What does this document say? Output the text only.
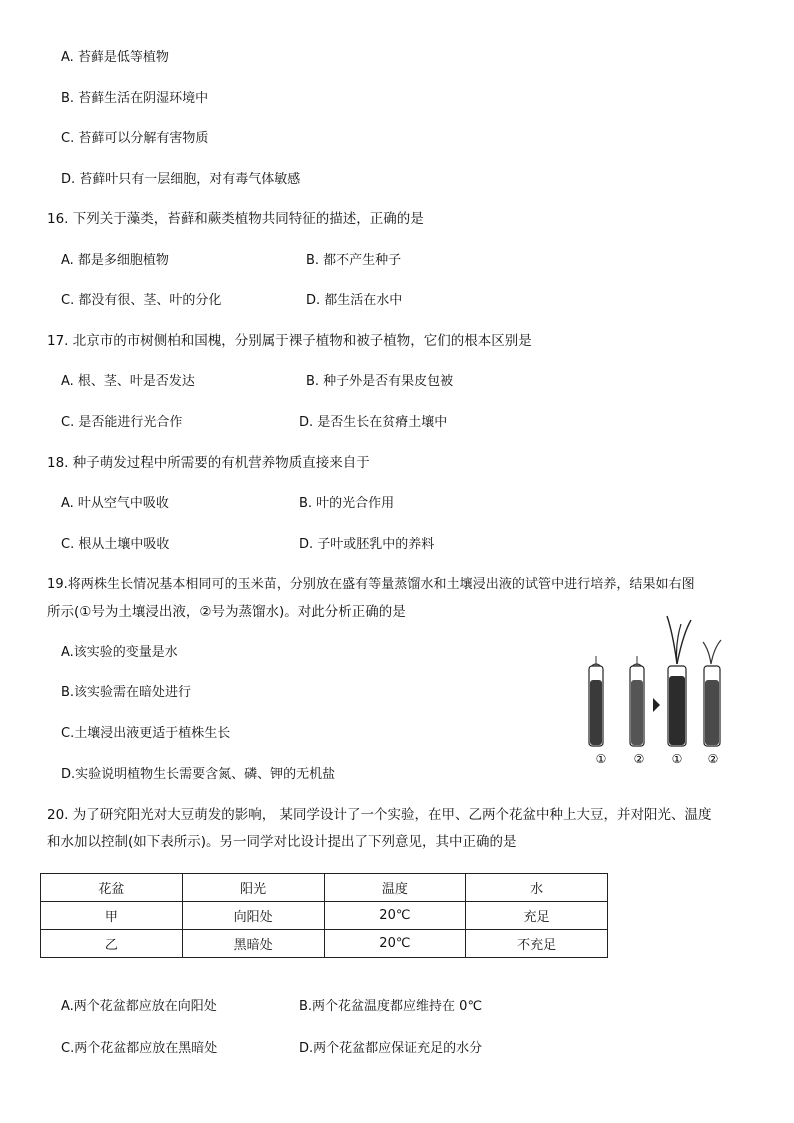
A. 苔藓是低等植物
B. 苔藓生活在阴湿环境中
C. 苔藓可以分解有害物质
D. 苔藓叶只有一层细胞，对有毒气体敏感
16. 下列关于藻类，苔藓和蕨类植物共同特征的描述，正确的是
A. 都是多细胞植物	B. 都不产生种子
C. 都没有很、茎、叶的分化	D. 都生活在水中
17. 北京市的市树侧柏和国槐，分别属于裸子植物和被子植物，它们的根本区别是
A. 根、茎、叶是否发达	B. 种子外是否有果皮包被
C. 是否能进行光合作	D. 是否生长在贫瘠土壤中
18. 种子萌发过程中所需要的有机营养物质直接来自于
A. 叶从空气中吸收	B. 叶的光合作用
C. 根从土壤中吸收	D. 子叶或胚乳中的养料
19.将两株生长情况基本相同可的玉米苗，分别放在盛有等量蒸馏水和土壤浸出液的试管中进行培养，结果如右图
所示(①号为土壤浸出液，②号为蒸馏水)。对此分析正确的是
A.该实验的变量是水
B.该实验需在暗处进行
C.土壤浸出液更适于植株生长
D.实验说明植物生长需要含氮、磷、钾的无机盐
① ② ① ②
20. 为了研究阳光对大豆萌发的影响， 某同学设计了一个实验，在甲、乙两个花盆中种上大豆，并对阳光、温度
和水加以控制(如下表所示)。另一同学对比设计提出了下列意见，其中正确的是
花盆	阳光	温度	水
甲	向阳处	20℃	充足
乙	黑暗处	20℃	不充足
A.两个花盆都应放在向阳处	B.两个花盆温度都应维持在 0℃
C.两个花盆都应放在黑暗处	D.两个花盆都应保证充足的水分
